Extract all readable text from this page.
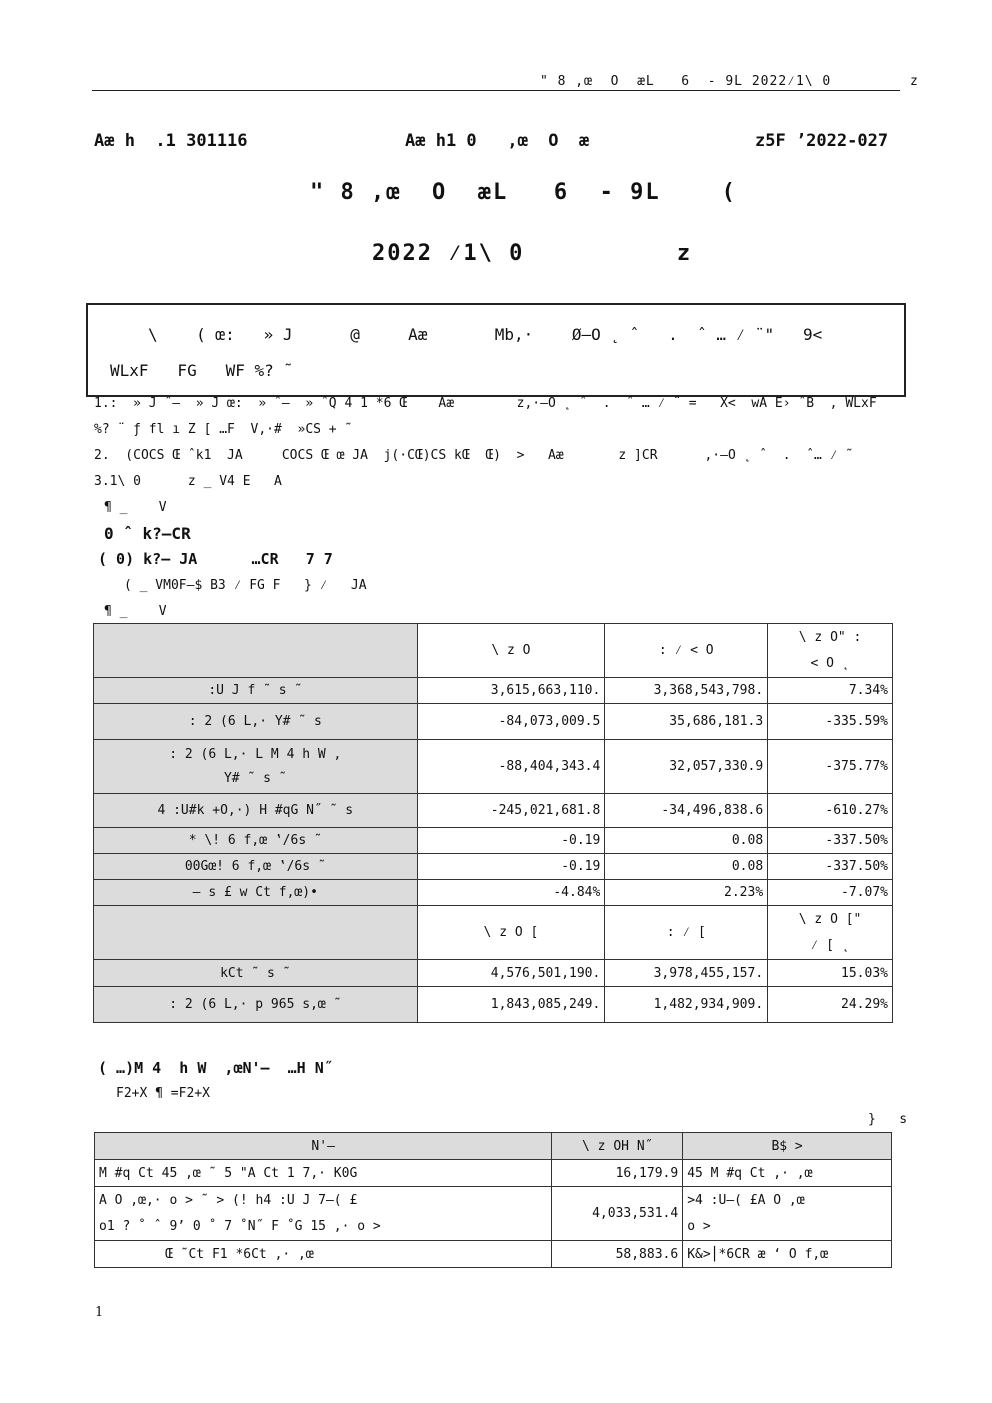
" 8 ,œ  O  æL   6  - 9L 2022⁄1\ 0	z
Aæ h  .1 301116	Aæ h1 0   ,œ  O  æ	z5F ’2022-027
" 8 ,œ  O  æL   6  - 9L    (
2022 ⁄1\ 0          z
\    ( œ:   » J      @     Aæ       Mb,·    Ø–O ˛ ˆ   .  ˆ … ⁄ ¨"   9<
WLxF   FG   WF %? ˜
1.:  » J ˆ–  » J œ:  » ˆ–  » ˆQ 4 1 *6 Œ    Aæ        z,·–O ˛ ˆ  .  ˆ … ⁄ ¨ =   X<  wA E› ˆB  , WLxF
%? ¨ ƒ fl ı Z [ …F  V,·#  »CS + ˜
2.  (COCS Œ ˆk1  JA     COCS Œ œ JA  j(·CŒ)CS kŒ  Œ)  >   Aæ       z ]CR      ,·–O ˛ ˆ  .  ˆ… ⁄ ˜
3.1\ 0      z _ V4 E   A
¶ _    V
0 ˆ k?–CR
( 0) k?– JA      …CR   7 7
( _ VM0F–$ B3 ⁄ FG F   } ⁄   JA
¶ _    V
	\ z O	: ⁄ < O	\ z O" :
< O ˛
:U J f ˜ s ˜	3,615,663,110.	3,368,543,798.	7.34%
: 2 (6 L,· Y# ˜ s	-84,073,009.5	35,686,181.3	-335.59%
: 2 (6 L,· L M 4 h W ,
Y# ˜ s ˜	-88,404,343.4	32,057,330.9	-375.77%
4 :U#k +O,·) H #qG N˝ ˜ s	-245,021,681.8	-34,496,838.6	-610.27%
* \! 6 f,œ ‛/6s ˜	-0.19	0.08	-337.50%
00Gœ! 6 f,œ ‛/6s ˜	-0.19	0.08	-337.50%
— s £ w Ct f,œ)•	-4.84%	2.23%	-7.07%
	\ z O [	: ⁄ [	\ z O ["
⁄ [ ˛
kCt ˜ s ˜	4,576,501,190.	3,978,455,157.	15.03%
: 2 (6 L,· p 965 s,œ ˜	1,843,085,249.	1,482,934,909.	24.29%
( …)M 4  h W  ,œN'–  …H N˝
F2+X ¶ =F2+X
}   s
N'–	\ z OH N˝	B$ >
M #q Ct 45 ,œ ˜ 5 "A Ct 1 7,· K0G	16,179.9	45 M #q Ct ,· ,œ
A O ,œ,· o > ˜ > (! h4 :U J 7–( £
o1 ? ˚ ˆ 9’ 0 ˚ 7 ˚N˝ F ˚G 15 ,· o >	4,033,531.4	>4 :U–( £A O ,œ
o >
Œ ˜Ct F1 *6Ct ,· ,œ	58,883.6	K&>⎪*6CR æ ‘ O f,œ
1
